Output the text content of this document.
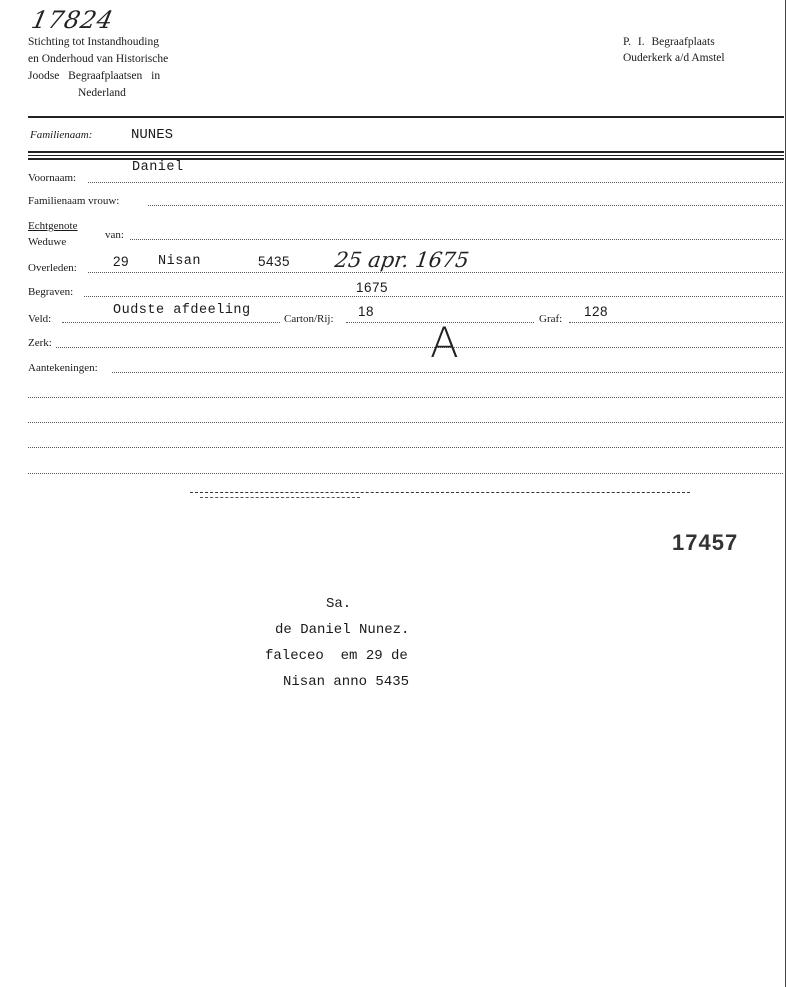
17824
Stichting tot Instandhouding
en Onderhoud van Historische
Joodse Begraafplaatsen in
Nederland
P. I. Begraafplaats
Ouderkerk a/d Amstel
Familienaam:	NUNES
Voornaam:
Daniel
Familienaam vrouw:
Echtgenote
Weduwe
van:
Overleden:	29 Nisan	5435 25 apr. 1675
Begraven:	1675
Veld:
Oudste afdeeling
Carton/Rij: 18	Graf: 128
Zerk:	A
Aantekeningen:
17457
Sa.
de Daniel Nunez.
faleceo  em 29 de
Nisan anno 5435
